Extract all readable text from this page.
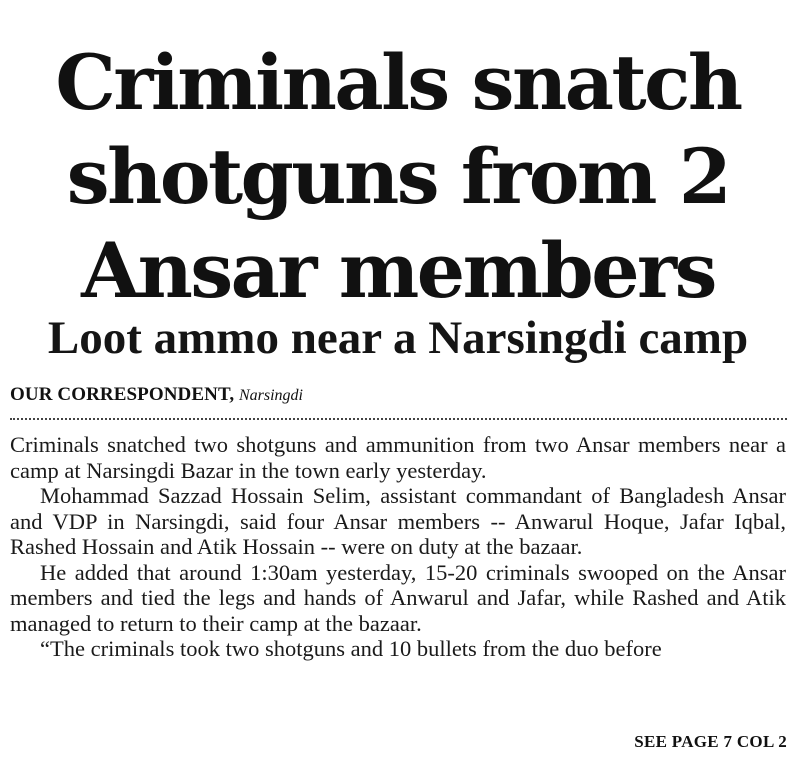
Criminals snatch
shotguns from 2
Ansar members
Loot ammo near a Narsingdi camp
OUR CORRESPONDENT, Narsingdi

Criminals snatched two shotguns and ammunition from two Ansar members near a camp at Narsingdi Bazar in the town early yesterday.

Mohammad Sazzad Hossain Selim, assistant commandant of Bangladesh Ansar and VDP in Narsingdi, said four Ansar members -- Anwarul Hoque, Jafar Iqbal, Rashed Hossain and Atik Hossain -- were on duty at the bazaar.

He added that around 1:30am yesterday, 15-20 criminals swooped on the Ansar members and tied the legs and hands of Anwarul and Jafar, while Rashed and Atik managed to return to their camp at the bazaar.

“The criminals took two shotguns and 10 bullets from the duo before

SEE PAGE 7 COL 2
